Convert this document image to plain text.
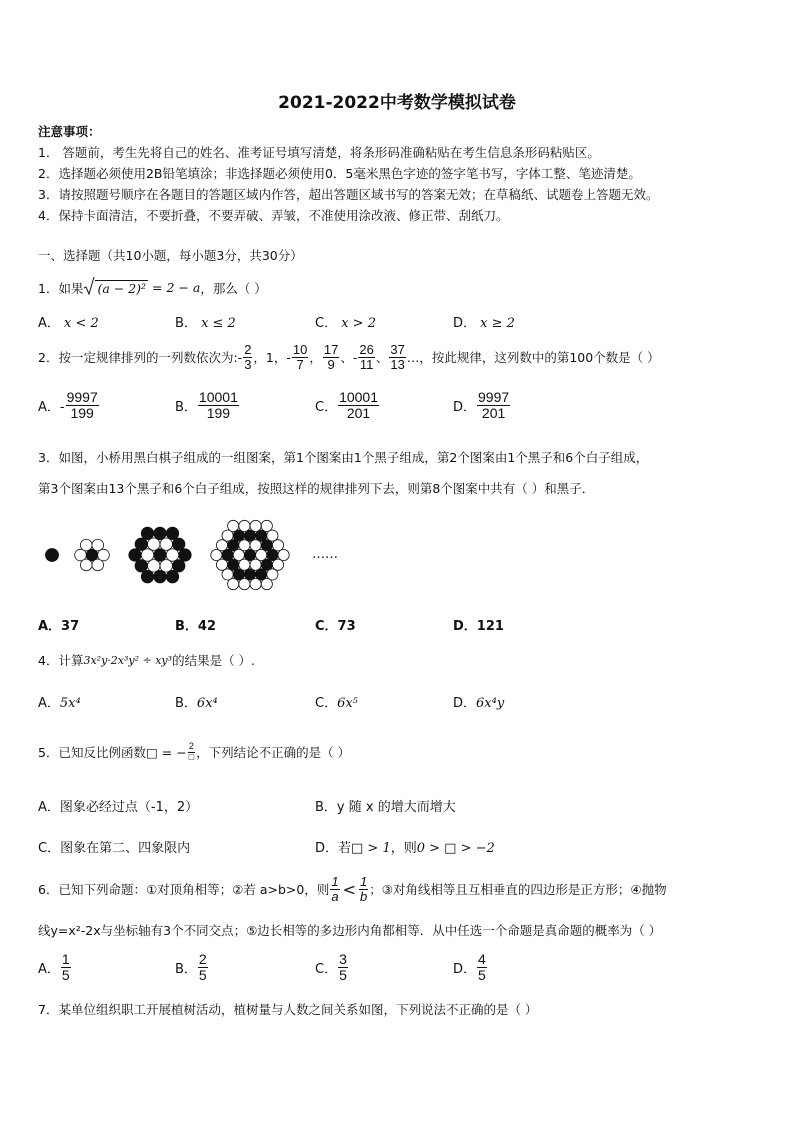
2021-2022中考数学模拟试卷
注意事项：
1． 答题前，考生先将自己的姓名、准考证号填写清楚，将条形码准确粘贴在考生信息条形码粘贴区。
2．选择题必须使用2B铅笔填涂；非选择题必须使用0．5毫米黑色字迹的签字笔书写，字体工整、笔迹清楚。
3．请按照题号顺序在各题目的答题区域内作答，超出答题区域书写的答案无效；在草稿纸、试题卷上答题无效。
4．保持卡面清洁，不要折叠，不要弄破、弄皱，不准使用涂改液、修正带、刮纸刀。
一、选择题（共10小题，每小题3分，共30分）
1．如果 (a − 2)² = 2 − a ，那么（ ）
A． x < 2	B． x ≤ 2	C． x > 2	D． x ≥ 2
2．按一定规律排列的一列数依次为: - $\frac{2}{3}$ ，1， - $\frac{10}{7}$ ， $\frac{17}{9}$ 、 - $\frac{26}{11}$ 、 $\frac{37}{13}$ …，按此规律，这列数中的第100个数是（ ）
A．- $\frac{9997}{199}$	B． $\frac{10001}{199}$	C． $\frac{10001}{201}$	D． $\frac{9997}{201}$
3．如图，小桥用黑白棋子组成的一组图案，第1个图案由1个黑子组成，第2个图案由1个黑子和6个白子组成，
第3个图案由13个黑子和6个白子组成，按照这样的规律排列下去，则第8个图案中共有（ ）和黑子．
……
A．37	B．42	C．73	D．121
4．计算 3x²y·2x³y² ÷ xy³ 的结果是（ ）.
A．5x⁴	B．6x⁴	C．6x⁵	D．6x⁴y
5．已知反比例函数 □ = − $\frac{2}{□}$ ，下列结论不正确的是（ ）
A．图象必经过点（-1，2）	B．y 随 x 的增大而增大
C．图象在第二、四象限内	D．若□ > 1，则0 > □ > −2
6．已知下列命题：①对顶角相等；②若 a>b>0，则 $\frac{1}{a} < \frac{1}{b}$ ；③对角线相等且互相垂直的四边形是正方形；④抛物
线y=x²-2x与坐标轴有3个不同交点；⑤边长相等的多边形内角都相等．从中任选一个命题是真命题的概率为（ ）
A． $\frac{1}{5}$	B． $\frac{2}{5}$	C． $\frac{3}{5}$	D． $\frac{4}{5}$
7．某单位组织职工开展植树活动，植树量与人数之间关系如图，下列说法不正确的是（ ）
